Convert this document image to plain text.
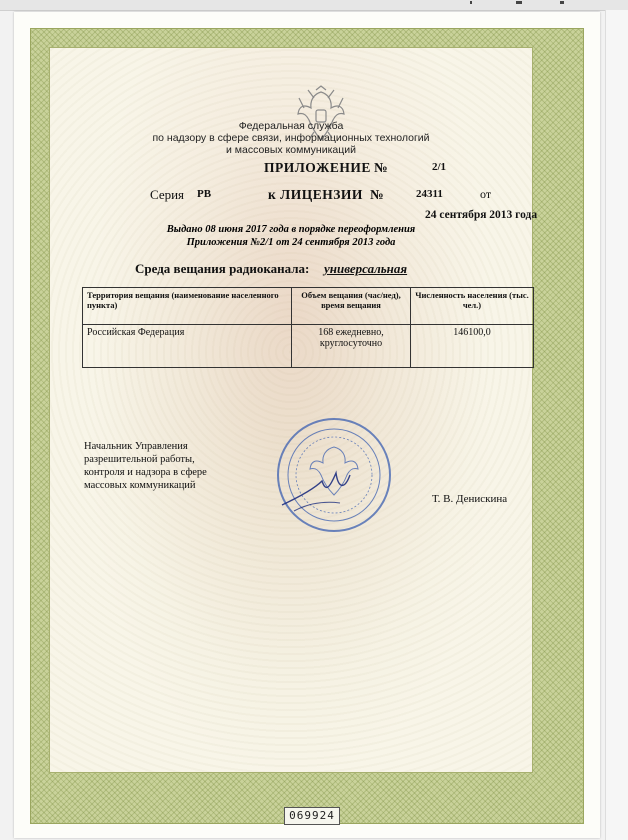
Федеральная служба
по надзору в сфере связи, информационных технологий
и массовых коммуникаций
ПРИЛОЖЕНИЕ №	2/1
Серия РВ	к ЛИЦЕНЗИИ №	24311	от
24 сентября 2013 года
Выдано 08 июня 2017 года в порядке переоформления
Приложения №2/1 от 24 сентября 2013 года
Среда вещания радиоканала: универсальная
Территория вещания (наименование населенного пункта)	Объем вещания (час/нед), время вещания	Численность населения (тыс. чел.)
Российская Федерация	168 ежедневно, круглосуточно	146100,0
Начальник Управления разрешительной работы, контроля и надзора в сфере массовых коммуникаций
Т. В. Денискина
069924
